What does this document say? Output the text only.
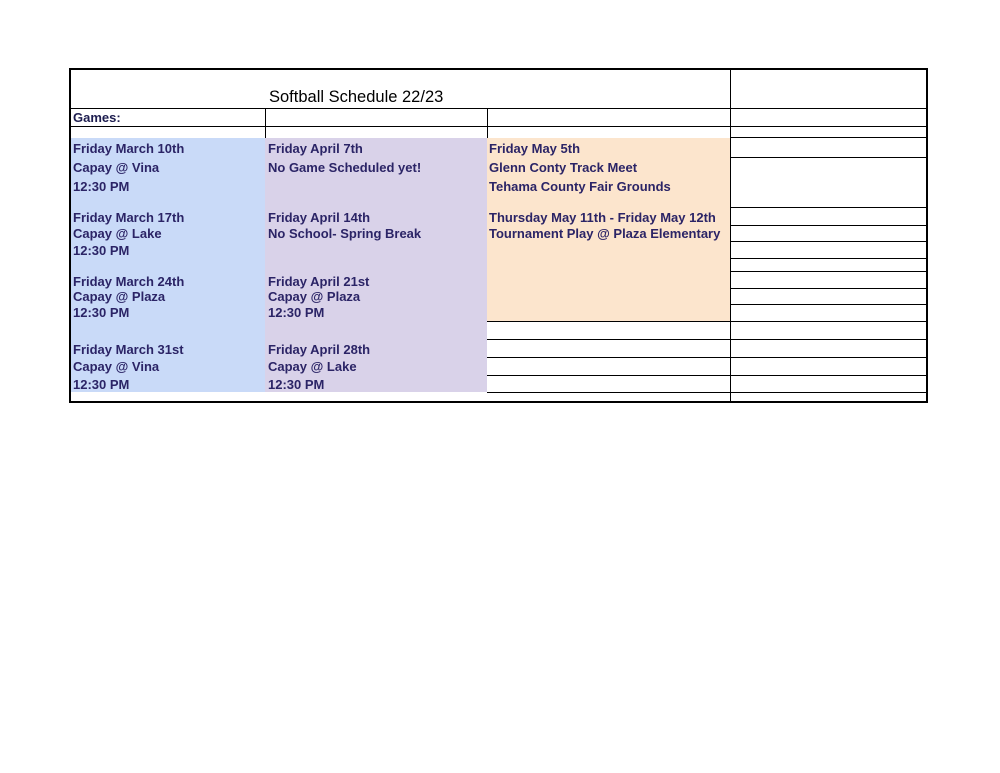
Softball Schedule 22/23
Games:
Friday March 10th
Capay @ Vina
12:30 PM
Friday March 17th
Capay @ Lake
12:30 PM
Friday March 24th
Capay @ Plaza
12:30 PM
Friday March 31st
Capay @ Vina
12:30 PM
Friday April 7th
No Game Scheduled yet!
Friday April 14th
No School- Spring Break
Friday April 21st
Capay @ Plaza
12:30 PM
Friday April 28th
Capay @ Lake
12:30 PM
Friday May 5th
Glenn Conty Track Meet
Tehama County Fair Grounds
Thursday May 11th - Friday May 12th
Tournament Play @ Plaza Elementary
